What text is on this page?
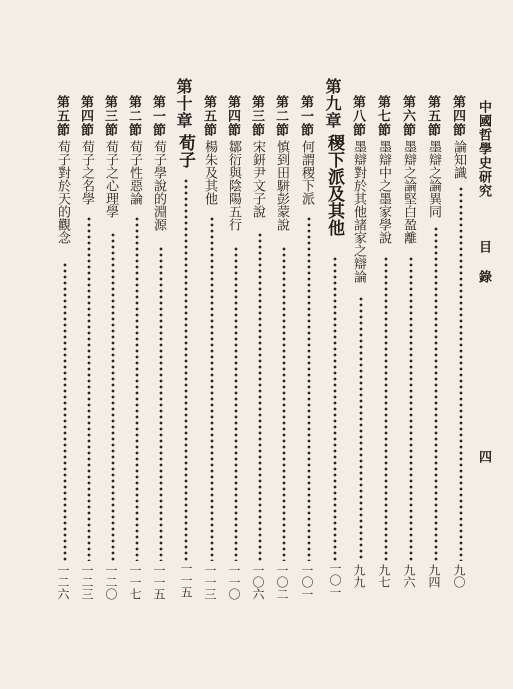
中國哲學史研究  目 錄
四
第四節
論知識
九〇
第五節
墨辯之論異同
九四
第六節
墨辯之論堅白盈離
九六
第七節
墨辯中之墨家學說
九七
第八節
墨辯對於其他諸家之辯論
九九
第九章
稷下派及其他
一〇一
第一節
何謂稷下派
一〇一
第二節
慎到田駢彭蒙說
一〇二
第三節
宋鈃尹文子說
一〇六
第四節
鄒衍與陰陽五行
一一〇
第五節
楊朱及其他
一一三
第十章
荀子
一一五
第一節
荀子學說的淵源
一一五
第二節
荀子性惡論
一一七
第三節
荀子之心理學
一二〇
第四節
荀子之名學
一二三
第五節
荀子對於天的觀念
一二六
